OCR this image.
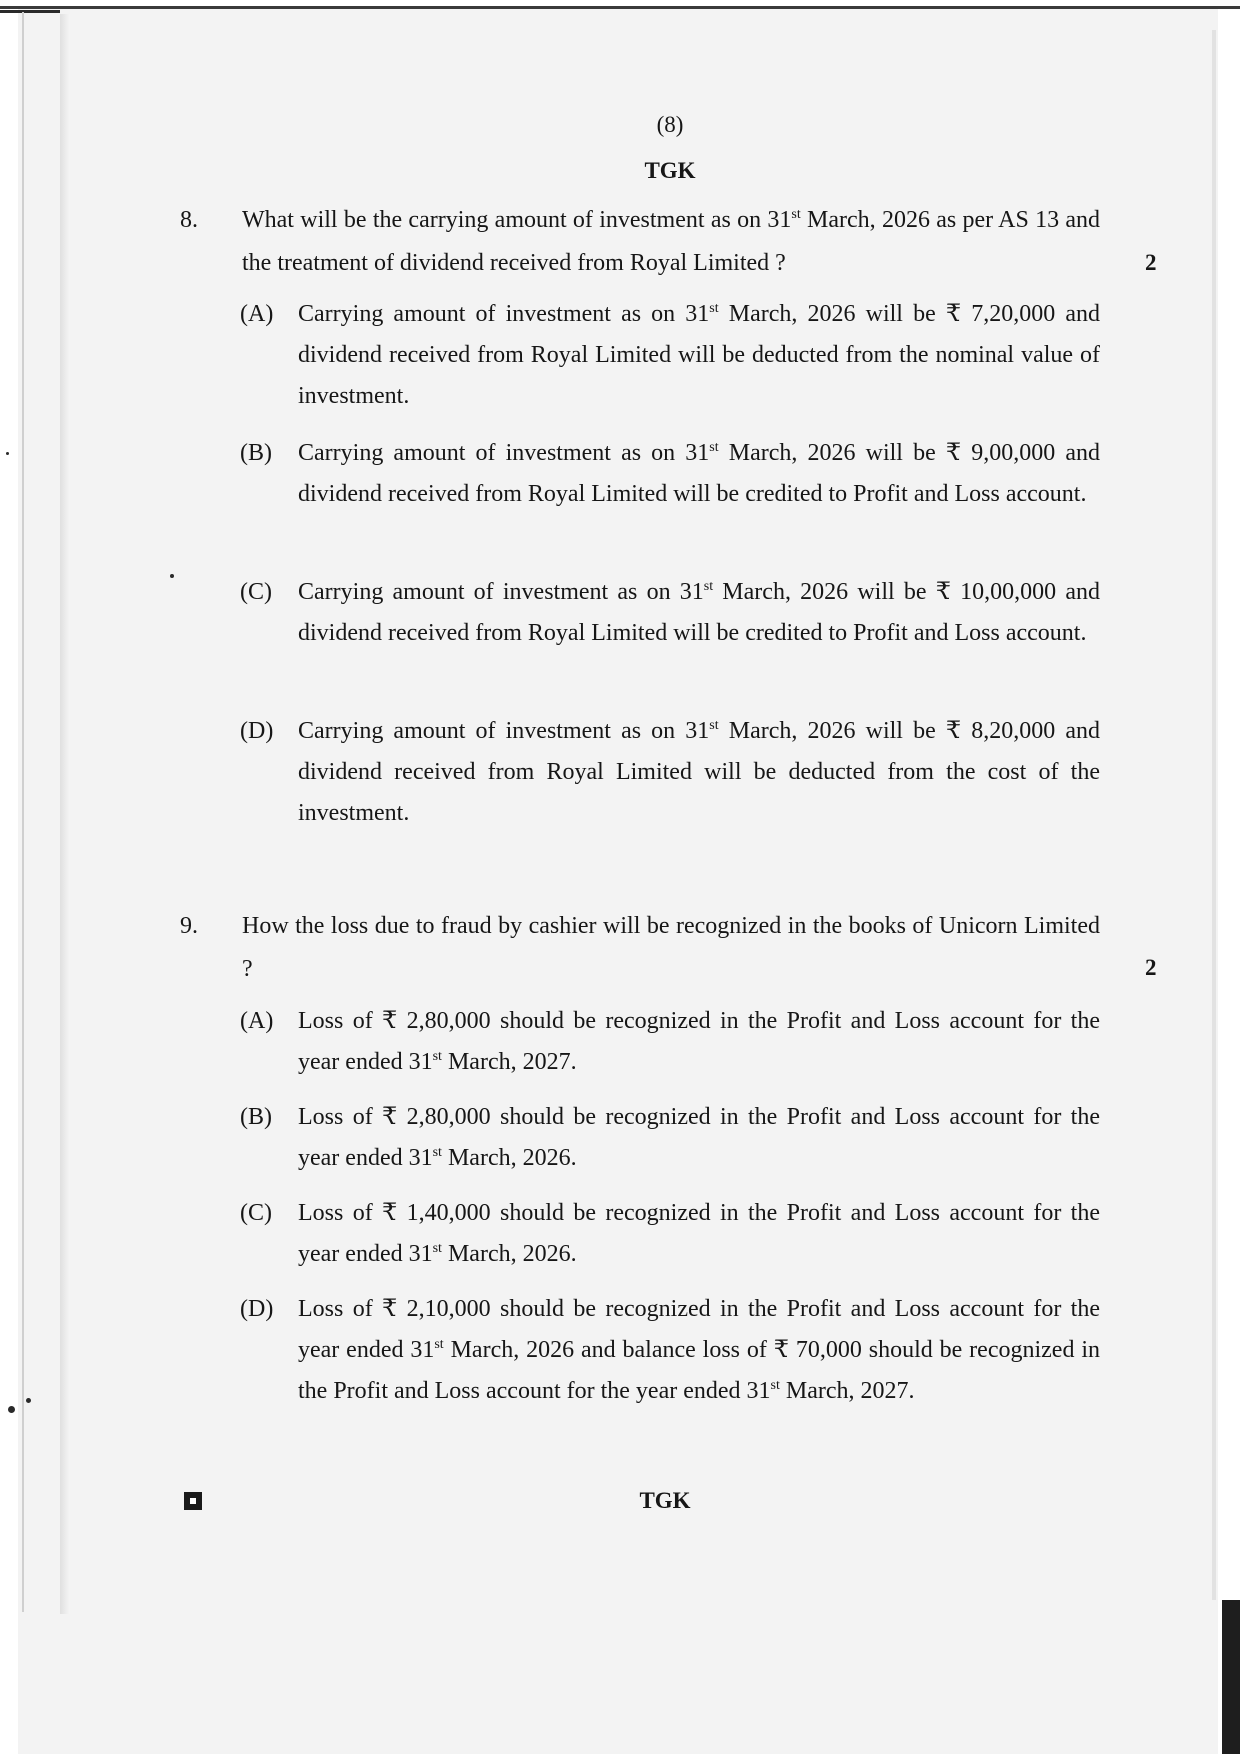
(8)
TGK
8. What will be the carrying amount of investment as on 31st March, 2026 as per AS 13 and the treatment of dividend received from Royal Limited ?	2
(A) Carrying amount of investment as on 31st March, 2026 will be ₹ 7,20,000 and dividend received from Royal Limited will be deducted from the nominal value of investment.
(B) Carrying amount of investment as on 31st March, 2026 will be ₹ 9,00,000 and dividend received from Royal Limited will be credited to Profit and Loss account.
(C) Carrying amount of investment as on 31st March, 2026 will be ₹ 10,00,000 and dividend received from Royal Limited will be credited to Profit and Loss account.
(D) Carrying amount of investment as on 31st March, 2026 will be ₹ 8,20,000 and dividend received from Royal Limited will be deducted from the cost of the investment.
9. How the loss due to fraud by cashier will be recognized in the books of Unicorn Limited ?	2
(A) Loss of ₹ 2,80,000 should be recognized in the Profit and Loss account for the year ended 31st March, 2027.
(B) Loss of ₹ 2,80,000 should be recognized in the Profit and Loss account for the year ended 31st March, 2026.
(C) Loss of ₹ 1,40,000 should be recognized in the Profit and Loss account for the year ended 31st March, 2026.
(D) Loss of ₹ 2,10,000 should be recognized in the Profit and Loss account for the year ended 31st March, 2026 and balance loss of ₹ 70,000 should be recognized in the Profit and Loss account for the year ended 31st March, 2027.
TGK
